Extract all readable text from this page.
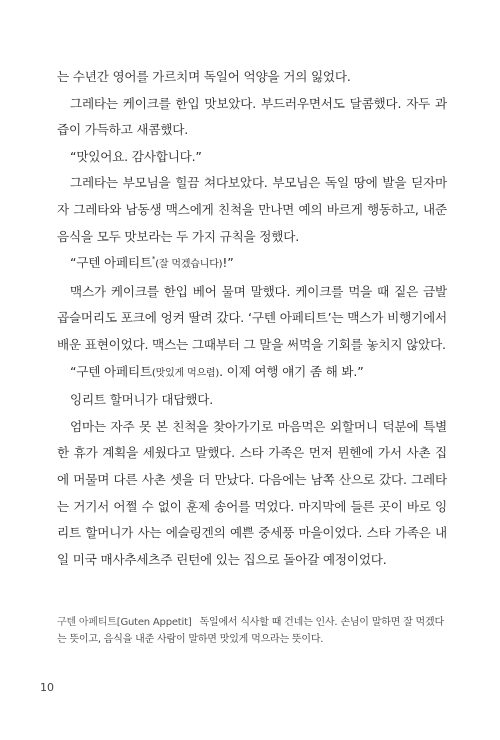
는 수년간 영어를 가르치며 독일어 억양을 거의 잃었다.

그레타는 케이크를 한입 맛보았다. 부드러우면서도 달콤했다. 자두 과즙이 가득하고 새콤했다.

“맛있어요. 감사합니다.”

그레타는 부모님을 힐끔 쳐다보았다. 부모님은 독일 땅에 발을 딛자마자 그레타와 남동생 맥스에게 친척을 만나면 예의 바르게 행동하고, 내준 음식을 모두 맛보라는 두 가지 규칙을 정했다.

“구텐 아페티트*(잘 먹겠습니다)!”

맥스가 케이크를 한입 베어 물며 말했다. 케이크를 먹을 때 짙은 금발 곱슬머리도 포크에 엉켜 딸려 갔다. ‘구텐 아페티트’는 맥스가 비행기에서 배운 표현이었다. 맥스는 그때부터 그 말을 써먹을 기회를 놓치지 않았다.

“구텐 아페티트(맛있게 먹으렴). 이제 여행 얘기 좀 해 봐.”

잉리트 할머니가 대답했다.

엄마는 자주 못 본 친척을 찾아가기로 마음먹은 외할머니 덕분에 특별한 휴가 계획을 세웠다고 말했다. 스타 가족은 먼저 뮌헨에 가서 사촌 집에 머물며 다른 사촌 셋을 더 만났다. 다음에는 남쪽 산으로 갔다. 그레타는 거기서 어쩔 수 없이 훈제 송어를 먹었다. 마지막에 들른 곳이 바로 잉리트 할머니가 사는 에슬링겐의 예쁜 중세풍 마을이었다. 스타 가족은 내일 미국 매사추세츠주 린턴에 있는 집으로 돌아갈 예정이었다.

구텐 아페티트[Guten Appetit] 독일에서 식사할 때 건네는 인사. 손님이 말하면 잘 먹겠다는 뜻이고, 음식을 내준 사람이 말하면 맛있게 먹으라는 뜻이다.
10
